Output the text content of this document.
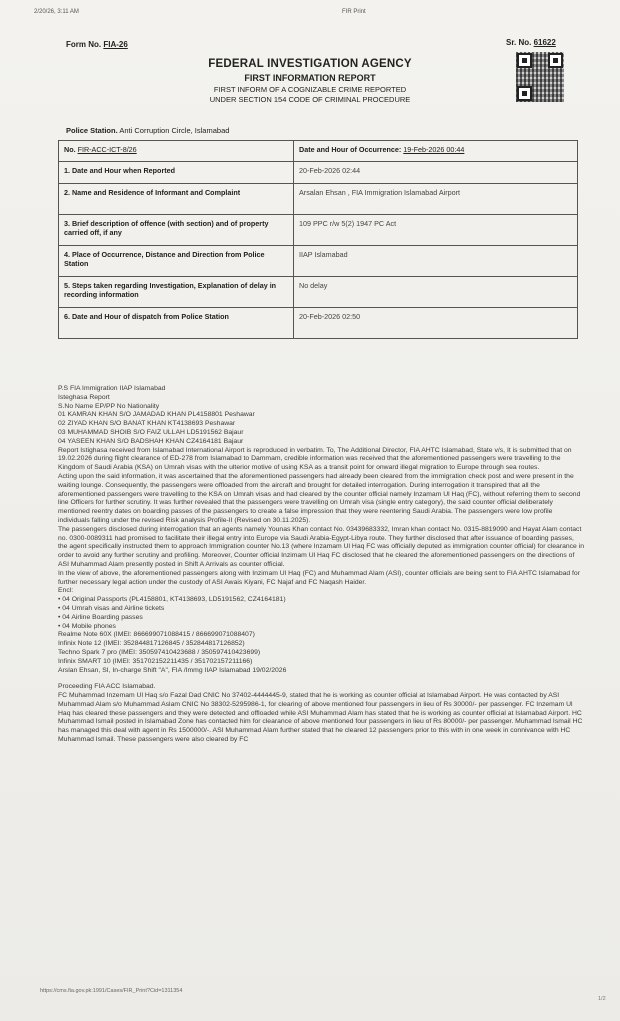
2/20/26, 3:11 AM	FIR Print
Form No. FIA-26	Sr. No. 61622
FEDERAL INVESTIGATION AGENCY
FIRST INFORMATION REPORT
FIRST INFORM OF A COGNIZABLE CRIME REPORTED
UNDER SECTION 154 CODE OF CRIMINAL PROCEDURE
Police Station. Anti Corruption Circle, Islamabad
No. FIR-ACC-ICT-8/26	Date and Hour of Occurrence: 19-Feb-2026 00:44
1. Date and Hour when Reported	20-Feb-2026 02:44
2. Name and Residence of Informant and Complaint	Arsalan Ehsan , FIA Immigration Islamabad Airport
3. Brief description of offence (with section) and of property carried off, if any	109 PPC r/w 5(2) 1947 PC Act
4. Place of Occurrence, Distance and Direction from Police Station	IIAP Islamabad
5. Steps taken regarding Investigation, Explanation of delay in recording information	No delay
6. Date and Hour of dispatch from Police Station	20-Feb-2026 02:50
P.S FIA Immigration IIAP Islamabad
Isteghasa Report
S.No Name EP/PP No Nationality
01 KAMRAN KHAN S/O JAMADAD KHAN PL4158801 Peshawar
02 ZIYAD KHAN S/O BANAT KHAN KT4138693 Peshawar
03 MUHAMMAD SHOIB S/O FAIZ ULLAH LD5191562 Bajaur
04 YASEEN KHAN S/O BADSHAH KHAN CZ4164181 Bajaur
Report Istighasa received from Islamabad International Airport is reproduced in verbatim. To, The Additional Director, FIA AHTC Islamabad, State v/s, It is submitted that on 19.02.2026 during flight clearance of ED-278 from Islamabad to Dammam, credible information was received that the aforementioned passengers were travelling to the Kingdom of Saudi Arabia (KSA) on Umrah visas with the ulterior motive of using KSA as a transit point for onward illegal migration to Europe through sea routes.
Acting upon the said information, it was ascertained that the aforementioned passengers had already been cleared from the immigration check post and were present in the waiting lounge. Consequently, the passengers were offloaded from the aircraft and brought for detailed interrogation. During interrogation it transpired that all the aforementioned passengers were travelling to the KSA on Umrah visas and had cleared by the counter official namely Inzamam Ul Haq (FC), without referring them to second line Officers for further scrutiny. It was further revealed that the passengers were travelling on Umrah visa (single entry category), the said counter official deliberately mentioned reentry dates on boarding passes of the passengers to create a false impression that they were reentering Saudi Arabia. The passengers were low profile individuals falling under the revised Risk analysis Profile-II (Revised on 30.11.2025).
The passengers disclosed during interrogation that an agents namely Younas Khan contact No. 03439683332, Imran khan contact No. 0315-8819090 and Hayat Alam contact no. 0300-0089311 had promised to facilitate their illegal entry into Europe via Saudi Arabia-Egypt-Libya route. They further disclosed that after issuance of boarding passes, the agent specifically instructed them to approach Immigration counter No.13 (where Inzamam Ul Haq FC was officially deputed as immigration counter official) for clearance in order to avoid any further scrutiny and profiling. Moreover, Counter official Inzimam Ul Haq FC disclosed that he cleared the aforementioned passengers on the directions of ASI Muhammad Alam presently posted in Shift A Arrivals as counter official.
In the view of above, the aforementioned passengers along with Inzimam Ul Haq (FC) and Muhammad Alam (ASI), counter officials are being sent to FIA AHTC Islamabad for further necessary legal action under the custody of ASI Awais Kiyani, FC Najaf and FC Naqash Haider.
Encl:
• 04 Original Passports (PL4158801, KT4138693, LD5191562, CZ4164181)
• 04 Umrah visas and Airline tickets
• 04 Airline Boarding passes
• 04 Mobile phones
Realme Note 60X (IMEI: 866699071088415 / 866699071088407)
Infinix Note 12 (IMEI: 352844817126845 / 352844817126852)
Techno Spark 7 pro (IMEI: 350597410423688 / 350597410423699)
Infinix SMART 10 (IMEI: 351702152211435 / 351702157211166)
Arslan Ehsan, SI, In-charge Shift "A", FIA /Immg IIAP Islamabad 19/02/2026
Proceeding FIA ACC Islamabad.
FC Muhammad Inzemam Ul Haq s/o Fazal Dad CNIC No 37402-4444445-9, stated that he is working as counter official at Islamabad Airport. He was contacted by ASI Muhammad Alam s/o Muhammad Aslam CNIC No 38302-5295986-1, for clearing of above mentioned four passengers in lieu of Rs 30000/- per passenger. FC Inzemam Ul Haq has cleared these passengers and they were detected and offloaded while ASI Muhammad Alam has stated that he is working as counter official at Islamabad Airport. HC Muhammad Ismail posted in Islamabad Zone has contacted him for clearance of above mentioned four passengers in lieu of Rs 80000/- per passenger. Muhammad Ismail HC has managed this deal with agent in Rs 1500000/-. ASI Muhammad Alam further stated that he cleared 12 passengers prior to this with in one week in connivance with HC Muhammad Ismail. These passengers were also cleared by FC
https://cms.fia.gov.pk:1991/Cases/FIR_Print?Cid=1311354
1/2
